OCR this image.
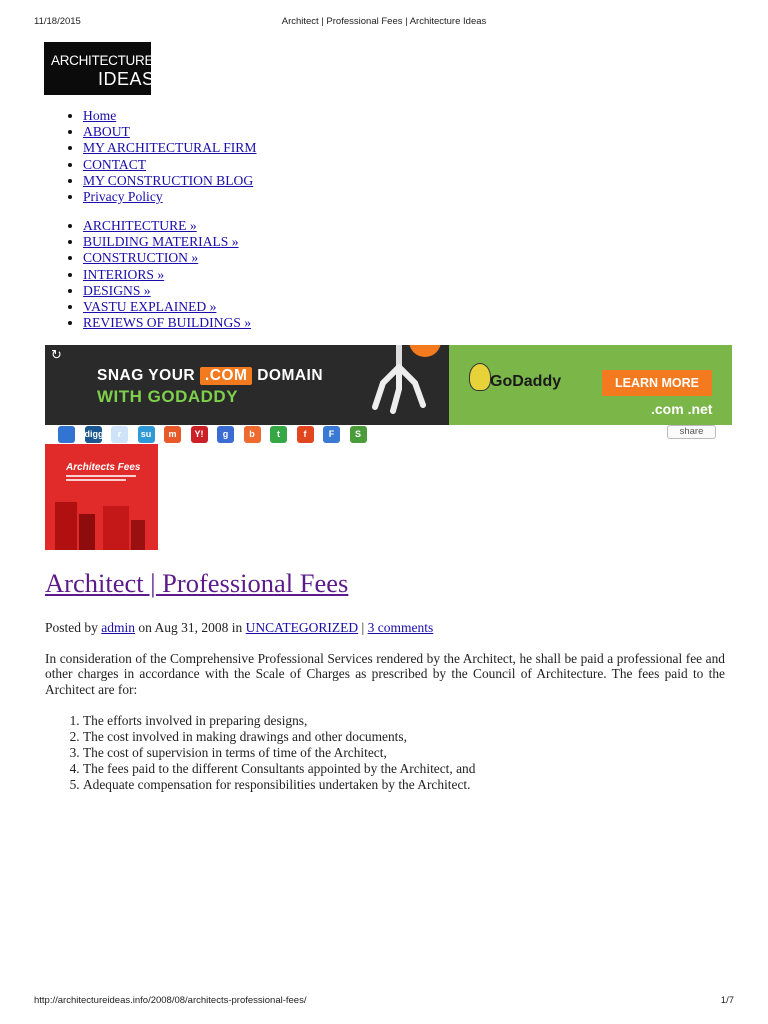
11/18/2015	Architect | Professional Fees | Architecture Ideas
ARCHITECTURE
IDEAS
• Home
• ABOUT
• MY ARCHITECTURAL FIRM
• CONTACT
• MY CONSTRUCTION BLOG
• Privacy Policy
• ARCHITECTURE »
• BUILDING MATERIALS »
• CONSTRUCTION »
• INTERIORS »
• DESIGNS »
• VASTU EXPLAINED »
• REVIEWS OF BUILDINGS »
↻
SNAG YOUR .COM DOMAIN
WITH GODADDY
GoDaddy	LEARN MORE
.com .net
digg	r	su	m	Y!	g	b	t	f	F	S	share
Architects Fees
Architect | Professional Fees
Posted by admin on Aug 31, 2008 in UNCATEGORIZED | 3 comments

In consideration of the Comprehensive Professional Services rendered by the Architect, he shall be paid a professional fee and other charges in accordance with the Scale of Charges as prescribed by the Council of Architecture. The fees paid to the Architect are for:

1. The efforts involved in preparing designs,
2. The cost involved in making drawings and other documents,
3. The cost of supervision in terms of time of the Architect,
4. The fees paid to the different Consultants appointed by the Architect, and
5. Adequate compensation for responsibilities undertaken by the Architect.
http://architectureideas.info/2008/08/architects-professional-fees/	1/7
